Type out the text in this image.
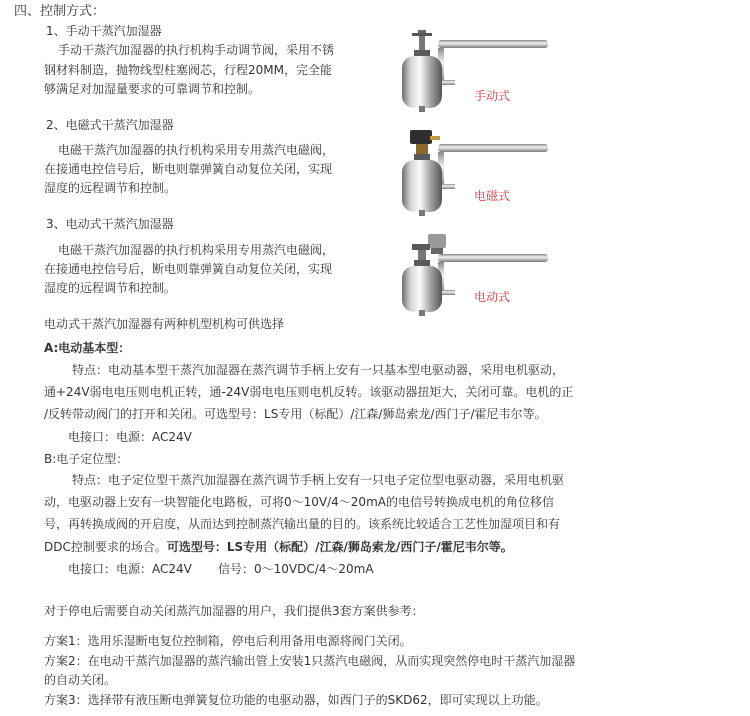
四、控制方式：
1、手动干蒸汽加湿器
手动干蒸汽加湿器的执行机构手动调节阀，采用不锈
钢材料制造，抛物线型柱塞阀芯，行程20MM，完全能
够满足对加湿量要求的可靠调节和控制。	手动式
2、电磁式干蒸汽加湿器
电磁干蒸汽加湿器的执行机构采用专用蒸汽电磁阀，
在接通电控信号后，断电则靠弹簧自动复位关闭，实现
湿度的远程调节和控制。
电磁式
3、电动式干蒸汽加湿器
电磁干蒸汽加湿器的执行机构采用专用蒸汽电磁阀，
在接通电控信号后，断电则靠弹簧自动复位关闭，实现
湿度的远程调节和控制。
电动式
电动式干蒸汽加湿器有两种机型机构可供选择
A:电动基本型：
特点：电动基本型干蒸汽加湿器在蒸汽调节手柄上安有一只基本型电驱动器，采用电机驱动，
通+24V弱电电压则电机正转，通-24V弱电电压则电机反转。该驱动器扭矩大，关闭可靠。电机的正
/反转带动阀门的打开和关闭。可选型号：LS专用（标配）/江森/狮岛索龙/西门子/霍尼韦尔等。
电接口：电源：AC24V
B:电子定位型：
特点：电子定位型干蒸汽加湿器在蒸汽调节手柄上安有一只电子定位型电驱动器，采用电机驱
动，电驱动器上安有一块智能化电路板，可将0～10V/4～20mA的电信号转换成电机的角位移信
号，再转换成阀的开启度，从而达到控制蒸汽输出量的目的。该系统比较适合工艺性加湿项目和有
DDC控制要求的场合。可选型号：LS专用（标配）/江森/狮岛索龙/西门子/霍尼韦尔等。
电接口：电源：AC24V 信号：0～10VDC/4～20mA
对于停电后需要自动关闭蒸汽加湿器的用户，我们提供3套方案供参考：
方案1：选用乐湿断电复位控制箱，停电后利用备用电源将阀门关闭。
方案2：在电动干蒸汽加湿器的蒸汽输出管上安装1只蒸汽电磁阀，从而实现突然停电时干蒸汽加湿器
的自动关闭。
方案3：选择带有液压断电弹簧复位功能的电驱动器，如西门子的SKD62，即可实现以上功能。
